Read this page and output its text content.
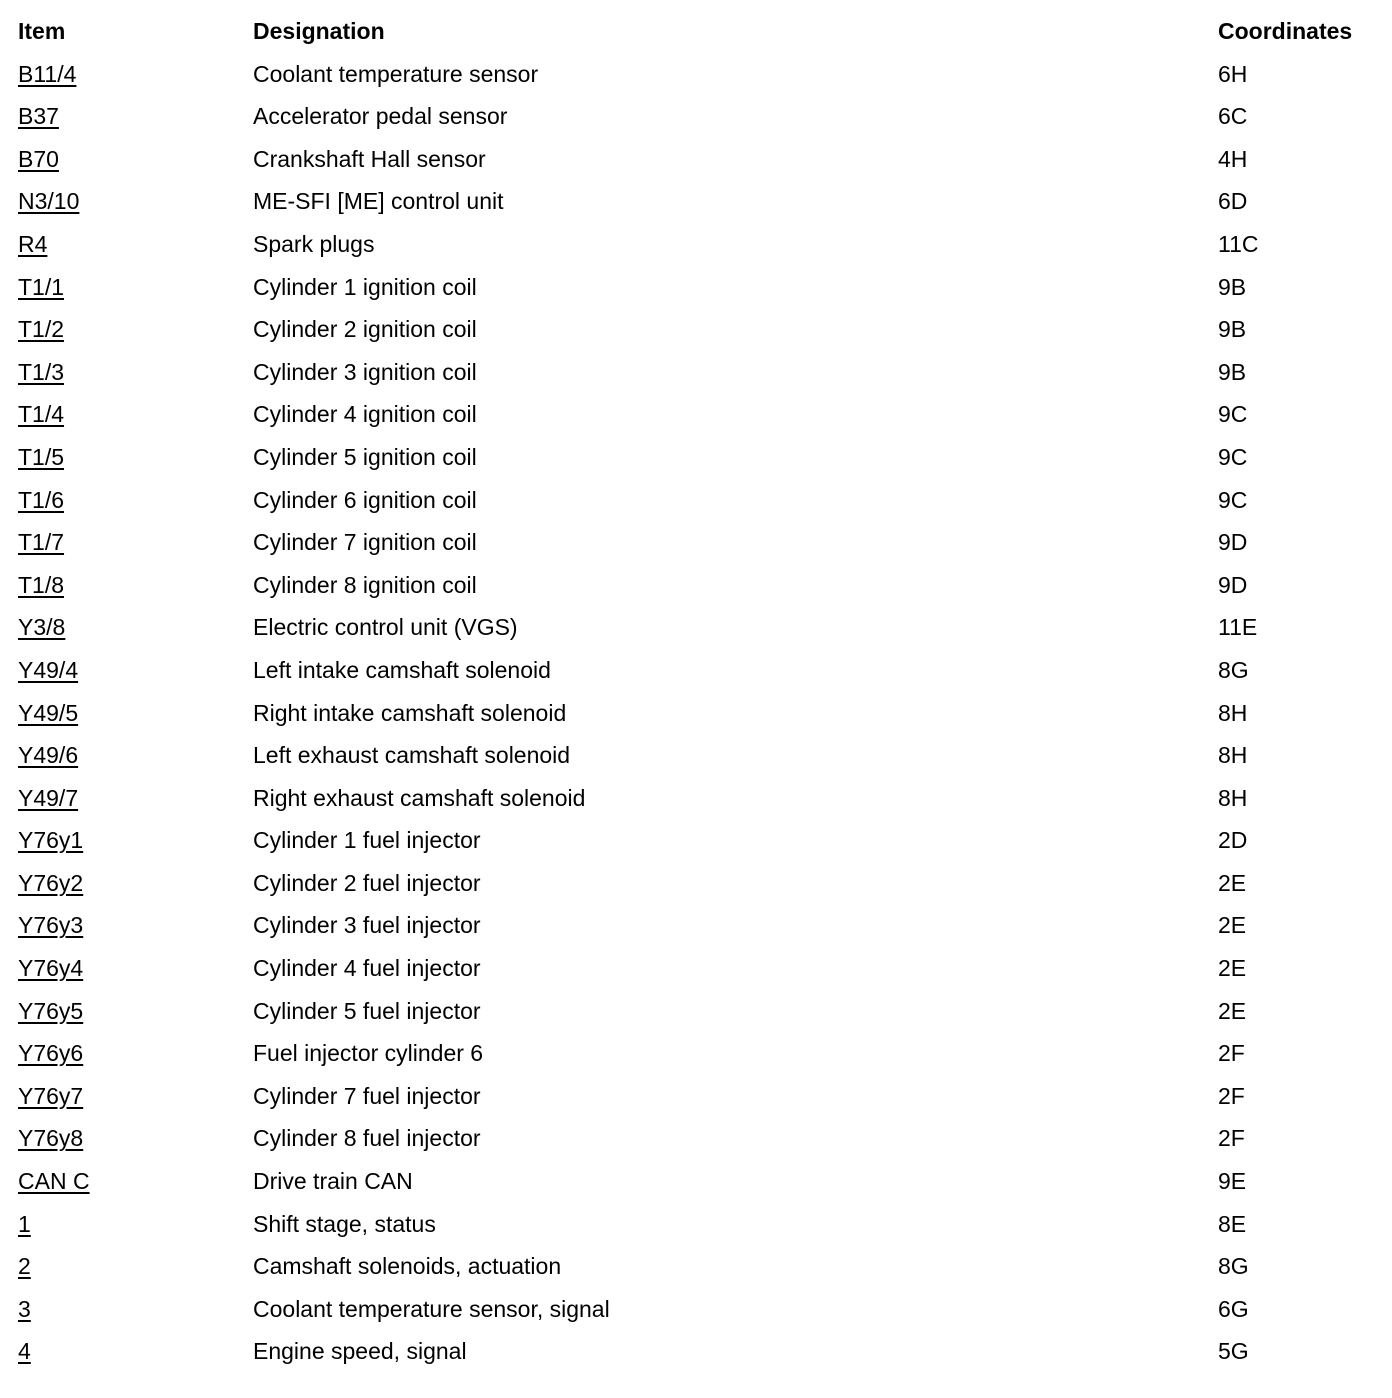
Item	Designation	Coordinates
B11/4	Coolant temperature sensor	6H
B37	Accelerator pedal sensor	6C
B70	Crankshaft Hall sensor	4H
N3/10	ME-SFI [ME] control unit	6D
R4	Spark plugs	11C
T1/1	Cylinder 1 ignition coil	9B
T1/2	Cylinder 2 ignition coil	9B
T1/3	Cylinder 3 ignition coil	9B
T1/4	Cylinder 4 ignition coil	9C
T1/5	Cylinder 5 ignition coil	9C
T1/6	Cylinder 6 ignition coil	9C
T1/7	Cylinder 7 ignition coil	9D
T1/8	Cylinder 8 ignition coil	9D
Y3/8	Electric control unit (VGS)	11E
Y49/4	Left intake camshaft solenoid	8G
Y49/5	Right intake camshaft solenoid	8H
Y49/6	Left exhaust camshaft solenoid	8H
Y49/7	Right exhaust camshaft solenoid	8H
Y76y1	Cylinder 1 fuel injector	2D
Y76y2	Cylinder 2 fuel injector	2E
Y76y3	Cylinder 3 fuel injector	2E
Y76y4	Cylinder 4 fuel injector	2E
Y76y5	Cylinder 5 fuel injector	2E
Y76y6	Fuel injector cylinder 6	2F
Y76y7	Cylinder 7 fuel injector	2F
Y76y8	Cylinder 8 fuel injector	2F
CAN C	Drive train CAN	9E
1	Shift stage, status	8E
2	Camshaft solenoids, actuation	8G
3	Coolant temperature sensor, signal	6G
4	Engine speed, signal	5G
